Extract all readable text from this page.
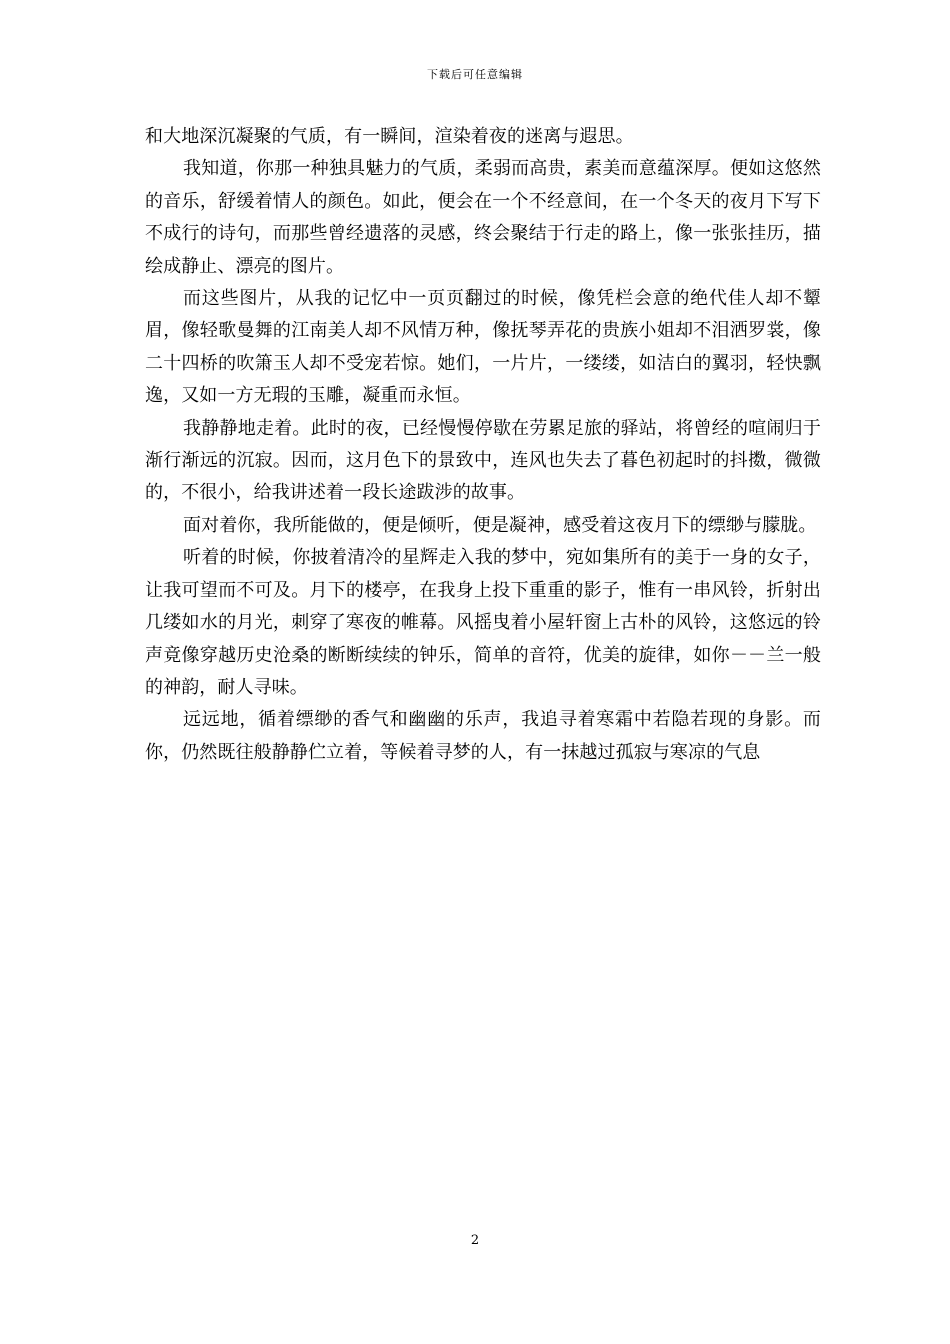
下载后可任意编辑

和大地深沉凝聚的气质，有一瞬间，渲染着夜的迷离与遐思。

我知道，你那一种独具魅力的气质，柔弱而高贵，素美而意蕴深厚。便如这悠然的音乐，舒缓着情人的颜色。如此，便会在一个不经意间，在一个冬天的夜月下写下不成行的诗句，而那些曾经遗落的灵感，终会聚结于行走的路上，像一张张挂历，描绘成静止、漂亮的图片。

而这些图片，从我的记忆中一页页翻过的时候，像凭栏会意的绝代佳人却不颦眉，像轻歌曼舞的江南美人却不风情万种，像抚琴弄花的贵族小姐却不泪洒罗裳，像二十四桥的吹箫玉人却不受宠若惊。她们，一片片，一缕缕，如洁白的翼羽，轻快飘逸，又如一方无瑕的玉雕，凝重而永恒。

我静静地走着。此时的夜，已经慢慢停歇在劳累足旅的驿站，将曾经的喧闹归于渐行渐远的沉寂。因而，这月色下的景致中，连风也失去了暮色初起时的抖擞，微微的，不很小，给我讲述着一段长途跋涉的故事。

面对着你，我所能做的，便是倾听，便是凝神，感受着这夜月下的缥缈与朦胧。

听着的时候，你披着清冷的星辉走入我的梦中，宛如集所有的美于一身的女子，让我可望而不可及。月下的楼亭，在我身上投下重重的影子，惟有一串风铃，折射出几缕如水的月光，刺穿了寒夜的帷幕。风摇曳着小屋轩窗上古朴的风铃，这悠远的铃声竟像穿越历史沧桑的断断续续的钟乐，简单的音符，优美的旋律，如你－－兰一般的神韵，耐人寻味。

远远地，循着缥缈的香气和幽幽的乐声，我追寻着寒霜中若隐若现的身影。而你，仍然既往般静静伫立着，等候着寻梦的人，有一抹越过孤寂与寒凉的气息

2
